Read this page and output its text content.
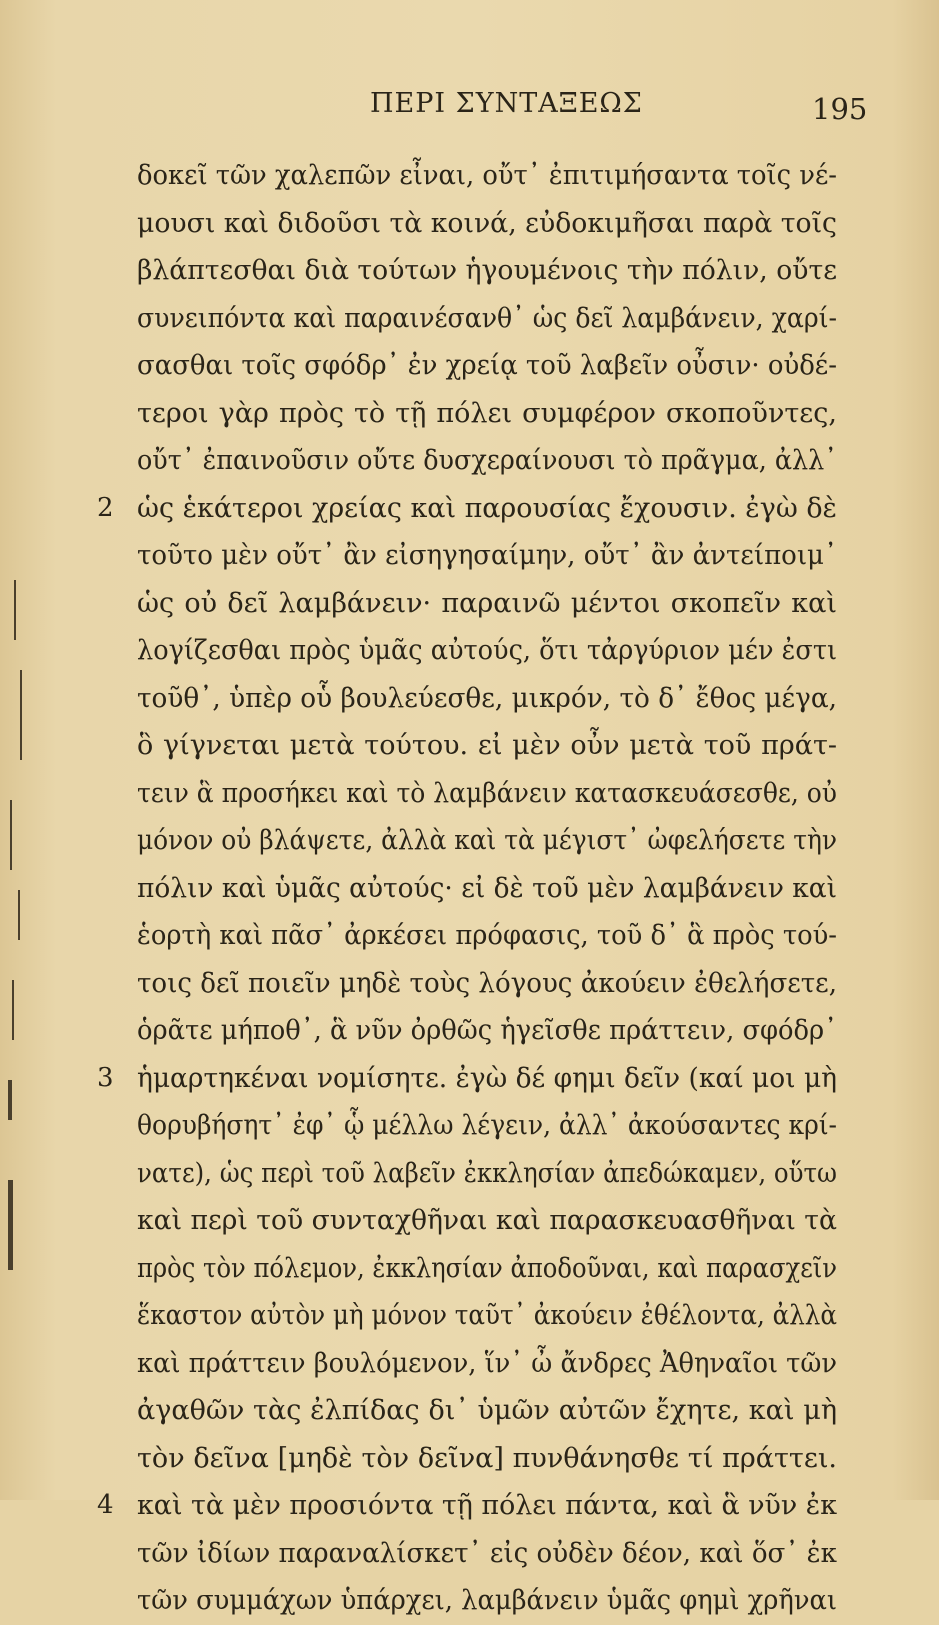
ΠΕΡΙ ΣΥΝΤΑΞΕΩΣ	195
δοκεῖ τῶν χαλεπῶν εἶναι, οὔτ᾽ ἐπιτιμήσαντα τοῖς νέ-
μουσι καὶ διδοῦσι τὰ κοινά, εὐδοκιμῆσαι παρὰ τοῖς
βλάπτεσθαι διὰ τούτων ἡγουμένοις τὴν πόλιν, οὔτε
συνειπόντα καὶ παραινέσανθ᾽ ὡς δεῖ λαμβάνειν, χαρί-
σασθαι τοῖς σφόδρ᾽ ἐν χρείᾳ τοῦ λαβεῖν οὖσιν· οὐδέ-
τεροι γὰρ πρὸς τὸ τῇ πόλει συμφέρον σκοποῦντες,
οὔτ᾽ ἐπαινοῦσιν οὔτε δυσχεραίνουσι τὸ πρᾶγμα, ἀλλ᾽
2 ὡς ἑκάτεροι χρείας καὶ παρουσίας ἔχουσιν. ἐγὼ δὲ
τοῦτο μὲν οὔτ᾽ ἂν εἰσηγησαίμην, οὔτ᾽ ἂν ἀντείποιμ᾽
ὡς οὐ δεῖ λαμβάνειν· παραινῶ μέντοι σκοπεῖν καὶ
λογίζεσθαι πρὸς ὑμᾶς αὐτούς, ὅτι τἀργύριον μέν ἐστι
τοῦθ᾽, ὑπὲρ οὗ βουλεύεσθε, μικρόν, τὸ δ᾽ ἔθος μέγα,
ὃ γίγνεται μετὰ τούτου. εἰ μὲν οὖν μετὰ τοῦ πράτ-
τειν ἃ προσήκει καὶ τὸ λαμβάνειν κατασκευάσεσθε, οὐ
μόνον οὐ βλάψετε, ἀλλὰ καὶ τὰ μέγιστ᾽ ὠφελήσετε τὴν
πόλιν καὶ ὑμᾶς αὐτούς· εἰ δὲ τοῦ μὲν λαμβάνειν καὶ
ἑορτὴ καὶ πᾶσ᾽ ἀρκέσει πρόφασις, τοῦ δ᾽ ἃ πρὸς τού-
τοις δεῖ ποιεῖν μηδὲ τοὺς λόγους ἀκούειν ἐθελήσετε,
ὁρᾶτε μήποθ᾽, ἃ νῦν ὀρθῶς ἡγεῖσθε πράττειν, σφόδρ᾽
3 ἡμαρτηκέναι νομίσητε. ἐγὼ δέ φημι δεῖν (καί μοι μὴ
θορυβήσητ᾽ ἐφ᾽ ᾧ μέλλω λέγειν, ἀλλ᾽ ἀκούσαντες κρί-
νατε), ὡς περὶ τοῦ λαβεῖν ἐκκλησίαν ἀπεδώκαμεν, οὕτω
καὶ περὶ τοῦ συνταχθῆναι καὶ παρασκευασθῆναι τὰ
πρὸς τὸν πόλεμον, ἐκκλησίαν ἀποδοῦναι, καὶ παρασχεῖν
ἕκαστον αὐτὸν μὴ μόνον ταῦτ᾽ ἀκούειν ἐθέλοντα, ἀλλὰ
καὶ πράττειν βουλόμενον, ἵν᾽ ὦ ἄνδρες Ἀθηναῖοι τῶν
ἀγαθῶν τὰς ἐλπίδας δι᾽ ὑμῶν αὐτῶν ἔχητε, καὶ μὴ
τὸν δεῖνα [μηδὲ τὸν δεῖνα] πυνθάνησθε τί πράττει.
4 καὶ τὰ μὲν προσιόντα τῇ πόλει πάντα, καὶ ἃ νῦν ἐκ
τῶν ἰδίων παραναλίσκετ᾽ εἰς οὐδὲν δέον, καὶ ὅσ᾽ ἐκ
τῶν συμμάχων ὑπάρχει, λαμβάνειν ὑμᾶς φημὶ χρῆναι
